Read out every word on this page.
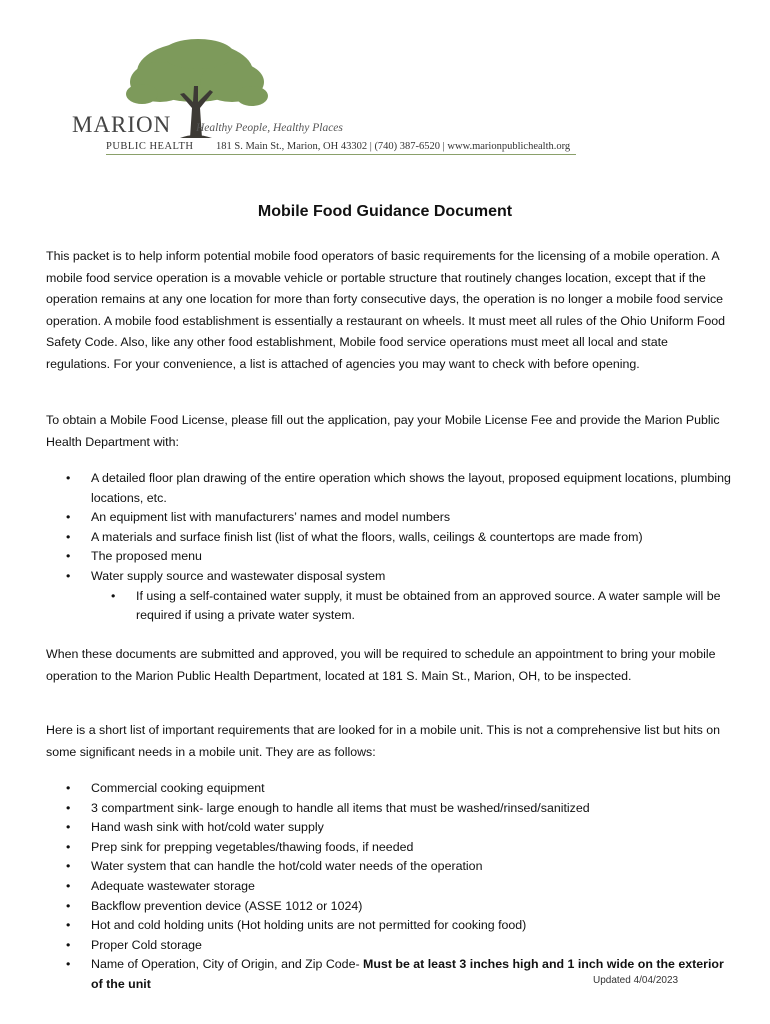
MARION Healthy People, Healthy Places
PUBLIC HEALTH 181 S. Main St., Marion, OH 43302 | (740) 387-6520 | www.marionpublichealth.org
Mobile Food Guidance Document

This packet is to help inform potential mobile food operators of basic requirements for the licensing of a mobile operation. A mobile food service operation is a movable vehicle or portable structure that routinely changes location, except that if the operation remains at any one location for more than forty consecutive days, the operation is no longer a mobile food service operation. A mobile food establishment is essentially a restaurant on wheels. It must meet all rules of the Ohio Uniform Food Safety Code. Also, like any other food establishment, Mobile food service operations must meet all local and state regulations. For your convenience, a list is attached of agencies you may want to check with before opening.

To obtain a Mobile Food License, please fill out the application, pay your Mobile License Fee and provide the Marion Public Health Department with:

• A detailed floor plan drawing of the entire operation which shows the layout, proposed equipment locations, plumbing locations, etc.
• An equipment list with manufacturers’ names and model numbers
• A materials and surface finish list (list of what the floors, walls, ceilings & countertops are made from)
• The proposed menu
• Water supply source and wastewater disposal system
• If using a self-contained water supply, it must be obtained from an approved source. A water sample will be required if using a private water system.

When these documents are submitted and approved, you will be required to schedule an appointment to bring your mobile operation to the Marion Public Health Department, located at 181 S. Main St., Marion, OH, to be inspected.

Here is a short list of important requirements that are looked for in a mobile unit. This is not a comprehensive list but hits on some significant needs in a mobile unit. They are as follows:

• Commercial cooking equipment
• 3 compartment sink- large enough to handle all items that must be washed/rinsed/sanitized
• Hand wash sink with hot/cold water supply
• Prep sink for prepping vegetables/thawing foods, if needed
• Water system that can handle the hot/cold water needs of the operation
• Adequate wastewater storage
• Backflow prevention device (ASSE 1012 or 1024)
• Hot and cold holding units (Hot holding units are not permitted for cooking food)
• Proper Cold storage
• Name of Operation, City of Origin, and Zip Code- Must be at least 3 inches high and 1 inch wide on the exterior of the unit	Updated 4/04/2023
